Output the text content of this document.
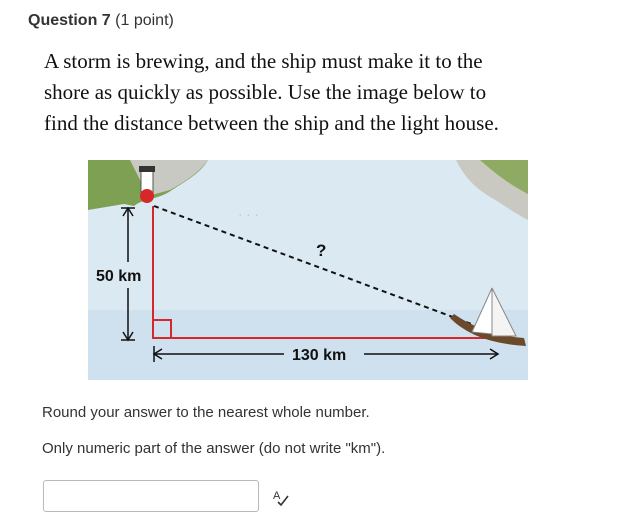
Question 7 (1 point)
A storm is brewing, and the ship must make it to the
shore as quickly as possible. Use the image below to
find the distance between the ship and the light house.
· · ·
50 km
?
130 km
Round your answer to the nearest whole number.
Only numeric part of the answer (do not write "km").
A
